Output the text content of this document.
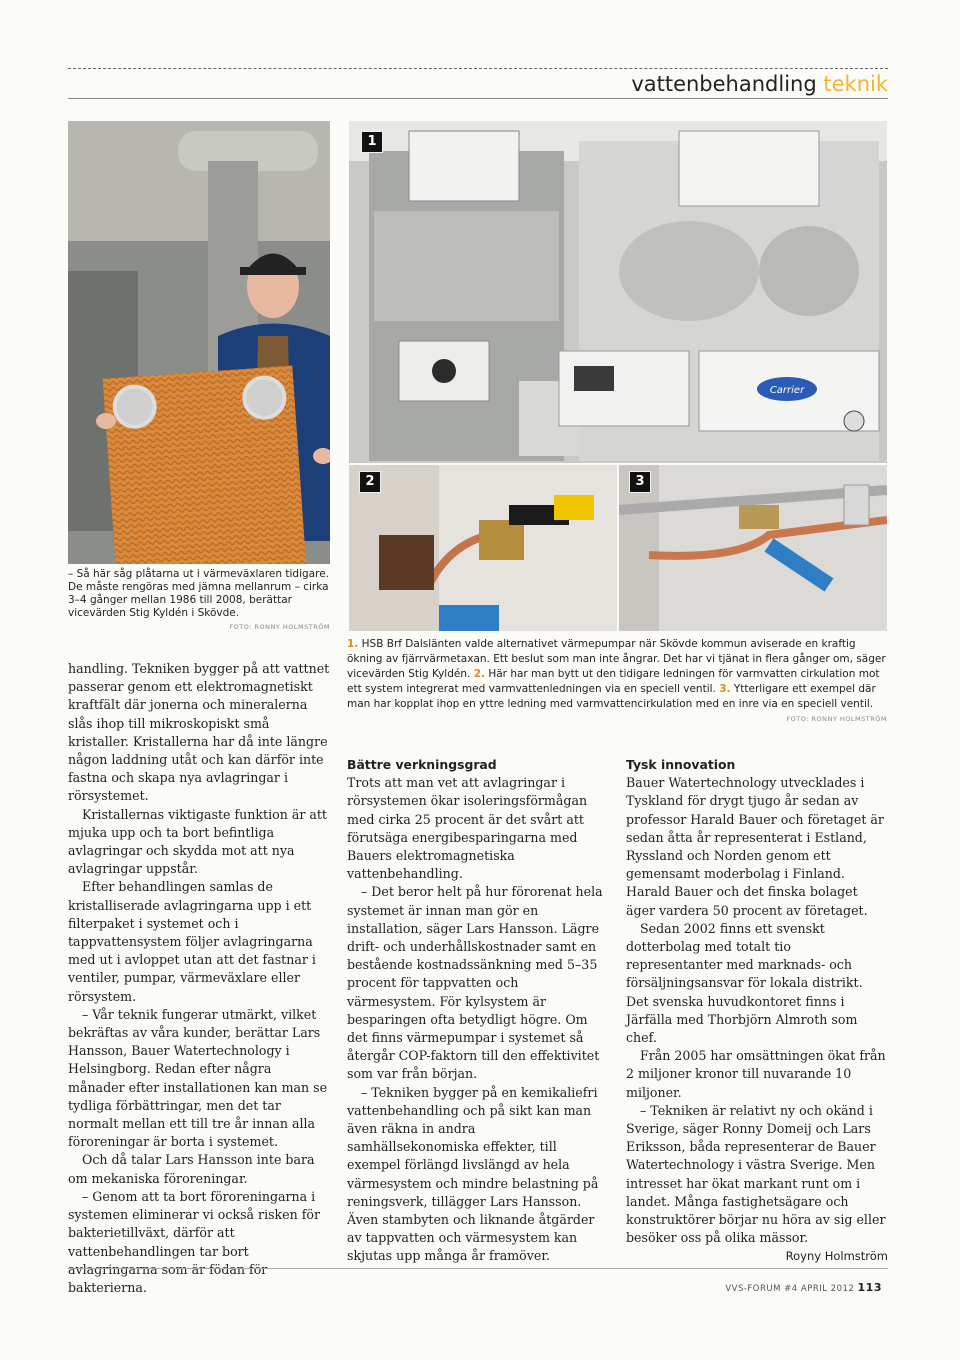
vattenbehandling teknik
– Så här såg plåtarna ut i värmeväxlaren tidigare. De måste rengöras med jämna mellanrum – cirka 3–4 gånger mellan 1986 till 2008, berättar vicevärden Stig Kyldén i Skövde.
FOTO: RONNY HOLMSTRÖM
Carrier
1
2	3
1. HSB Brf Dalslänten valde alternativet värmepumpar när Skövde kommun aviserade en kraftig ökning av fjärrvärmetaxan. Ett beslut som man inte ångrar. Det har vi tjänat in flera gånger om, säger vicevärden Stig Kyldén. 2. Här har man bytt ut den tidigare ledningen för varmvatten cirkulation mot ett system integrerat med varmvattenledningen via en speciell ventil. 3. Ytterligare ett exempel där man har kopplat ihop en yttre ledning med varmvattencirkulation med en inre via en speciell ventil.
FOTO: RONNY HOLMSTRÖM

handling. Tekniken bygger på att vattnet passerar genom ett elektromagnetiskt kraftfält där jonerna och mineralerna slås ihop till mikroskopiskt små kristaller. Kristallerna har då inte längre någon laddning utåt och kan därför inte fastna och skapa nya avlagringar i rörsystemet.

Kristallernas viktigaste funktion är att mjuka upp och ta bort befintliga avlagringar och skydda mot att nya avlagringar uppstår.

Efter behandlingen samlas de kristalliserade avlagringarna upp i ett filterpaket i systemet och i tappvattensystem följer avlagringarna med ut i avloppet utan att det fastnar i ventiler, pumpar, värmeväxlare eller rörsystem.

– Vår teknik fungerar utmärkt, vilket bekräftas av våra kunder, berättar Lars Hansson, Bauer Watertechnology i Helsingborg. Redan efter några månader efter installationen kan man se tydliga förbättringar, men det tar normalt mellan ett till tre år innan alla föroreningar är borta i systemet.

Och då talar Lars Hansson inte bara om mekaniska föroreningar.

– Genom att ta bort föroreningarna i systemen eliminerar vi också risken för bakterietillväxt, därför att vattenbehandlingen tar bort avlagringarna som är födan för bakterierna.

Bättre verkningsgrad

Trots att man vet att avlagringar i rörsystemen ökar isoleringsförmågan med cirka 25 procent är det svårt att förutsäga energibesparingarna med Bauers elektromagnetiska vattenbehandling.

– Det beror helt på hur förorenat hela systemet är innan man gör en installation, säger Lars Hansson. Lägre drift- och underhållskostnader samt en bestående kostnadssänkning med 5–35 procent för tappvatten och värmesystem. För kylsystem är besparingen ofta betydligt högre. Om det finns värmepumpar i systemet så återgår COP-faktorn till den effektivitet som var från början.

– Tekniken bygger på en kemikaliefri vattenbehandling och på sikt kan man även räkna in andra samhällsekonomiska effekter, till exempel förlängd livslängd av hela värmesystem och mindre belastning på reningsverk, tillägger Lars Hansson. Även stambyten och liknande åtgärder av tappvatten och värmesystem kan skjutas upp många år framöver.

Tysk innovation

Bauer Watertechnology utvecklades i Tyskland för drygt tjugo år sedan av professor Harald Bauer och företaget är sedan åtta år representerat i Estland, Ryssland och Norden genom ett gemensamt moderbolag i Finland. Harald Bauer och det finska bolaget äger vardera 50 procent av företaget.

Sedan 2002 finns ett svenskt dotterbolag med totalt tio representanter med marknads- och försäljningsansvar för lokala distrikt. Det svenska huvudkontoret finns i Järfälla med Thorbjörn Almroth som chef.

Från 2005 har omsättningen ökat från 2 miljoner kronor till nuvarande 10 miljoner.

– Tekniken är relativt ny och okänd i Sverige, säger Ronny Domeij och Lars Eriksson, båda representerar de Bauer Watertechnology i västra Sverige. Men intresset har ökat markant runt om i landet. Många fastighetsägare och konstruktörer börjar nu höra av sig eller besöker oss på olika mässor.

Royny Holmström
VVS-FORUM #4 APRIL 2012 113
